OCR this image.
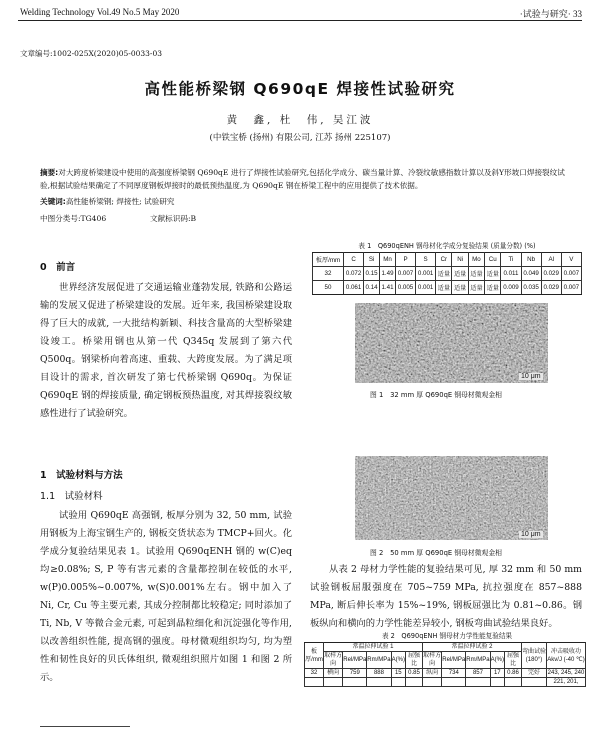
Welding Technology Vol.49 No.5 May 2020	·试验与研究· 33
文章编号:1002-025X(2020)05-0033-03
高性能桥梁钢 Q690qE 焊接性试验研究
黄　鑫, 杜　伟, 吴江波
(中铁宝桥 (扬州) 有限公司, 江苏 扬州 225107)
摘要:对大跨度桥梁建设中使用的高强度桥梁钢 Q690qE 进行了焊接性试验研究,包括化学成分、碳当量计算、冷裂纹敏感指数计算以及斜Y形坡口焊接裂纹试验,根据试验结果确定了不同厚度钢板焊接时的最低预热温度,为 Q690qE 钢在桥梁工程中的应用提供了技术依据。
关键词:高性能桥梁钢; 焊接性; 试验研究
中图分类号:TG406	文献标识码:B
表 1　Q690qENH 钢母材化学成分复验结果 (质量分数) (%)
板厚/mm	C	Si	Mn	P	S	Cr	Ni	Mo	Cu	Ti	Nb	Al	V
32	0.072	0.15	1.49	0.007	0.001	适量	适量	适量	适量	0.011	0.049	0.029	0.007
50	0.061	0.14	1.41	0.005	0.001	适量	适量	适量	适量	0.009	0.035	0.029	0.007
10 μm
图 1　32 mm 厚 Q690qE 钢母材微观金相
10 μm
图 2　50 mm 厚 Q690qE 钢母材微观金相
0　前言
世界经济发展促进了交通运输业蓬勃发展, 铁路和公路运输的发展又促进了桥梁建设的发展。近年来, 我国桥梁建设取得了巨大的成就, 一大批结构新颖、科技含量高的大型桥梁建设竣工。桥梁用钢也从第一代 Q345q 发展到了第六代 Q500q。钢梁桥向着高速、重载、大跨度发展。为了满足项目设计的需求, 首次研发了第七代桥梁钢 Q690q。为保证 Q690qE 钢的焊接质量, 确定钢板预热温度, 对其焊接裂纹敏感性进行了试验研究。
1　试验材料与方法
1.1　试验材料
试验用 Q690qE 高强钢, 板厚分别为 32, 50 mm, 试验用钢板为上海宝钢生产的, 钢板交货状态为 TMCP+回火。化学成分复验结果见表 1。试验用 Q690qENH 钢的 w(C)eq 均≥0.08%; S, P 等有害元素的含量都控制在较低的水平, w(P)0.005%~0.007%, w(S)0.001%左右。钢中加入了 Ni, Cr, Cu 等主要元素, 其成分控制都比较稳定; 同时添加了 Ti, Nb, V 等微合金元素, 可起到晶粒细化和沉淀强化等作用, 以改善组织性能, 提高钢的强度。母材微观组织均匀, 均为塑性和韧性良好的贝氏体组织, 微观组织照片如图 1 和图 2 所示。
从表 2 母材力学性能的复验结果可见, 厚 32 mm 和 50 mm 试验钢板屈服强度在 705~759 MPa, 抗拉强度在 857~888 MPa, 断后伸长率为 15%~19%, 钢板屈强比为 0.81~0.86。钢板纵向和横向的力学性能差异较小, 钢板弯曲试验结果良好。
表 2　Q690qENH 钢母材力学性能复验结果
板厚/mm	常温拉伸试验 1					常温拉伸试验 2					弯曲试验(180°)	冲击吸收功 Akv/J (-40 ℃)
	取样方向	Rel/MPa	Rm/MPa	A(%)	屈强比	取样方向	Rel/MPa	Rm/MPa	A(%)	屈强比		
32	横向	759	888	15	0.85	纵向	734	857	17	0.86	完好	243, 245, 240
												221, 201,
